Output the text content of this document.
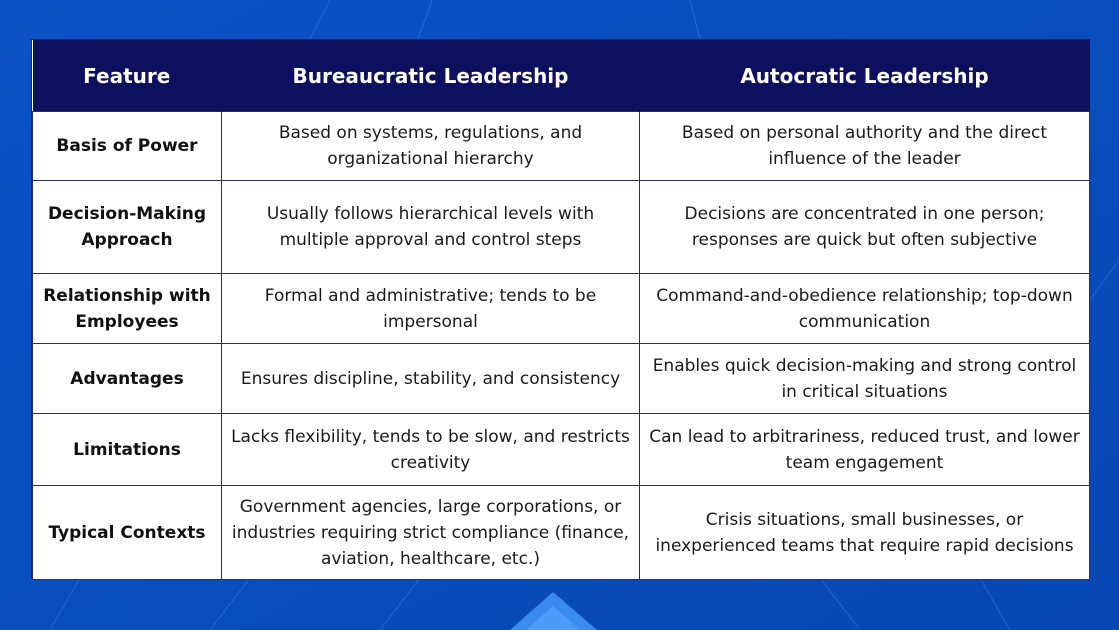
Feature	Bureaucratic Leadership	Autocratic Leadership
Basis of Power	Based on systems, regulations, and organizational hierarchy	Based on personal authority and the direct influence of the leader
Decision-Making Approach	Usually follows hierarchical levels with multiple approval and control steps	Decisions are concentrated in one person; responses are quick but often subjective
Relationship with Employees	Formal and administrative; tends to be impersonal	Command-and-obedience relationship; top-down communication
Advantages	Ensures discipline, stability, and consistency	Enables quick decision-making and strong control in critical situations
Limitations	Lacks flexibility, tends to be slow, and restricts creativity	Can lead to arbitrariness, reduced trust, and lower team engagement
Typical Contexts	Government agencies, large corporations, or industries requiring strict compliance (finance, aviation, healthcare, etc.)	Crisis situations, small businesses, or inexperienced teams that require rapid decisions
